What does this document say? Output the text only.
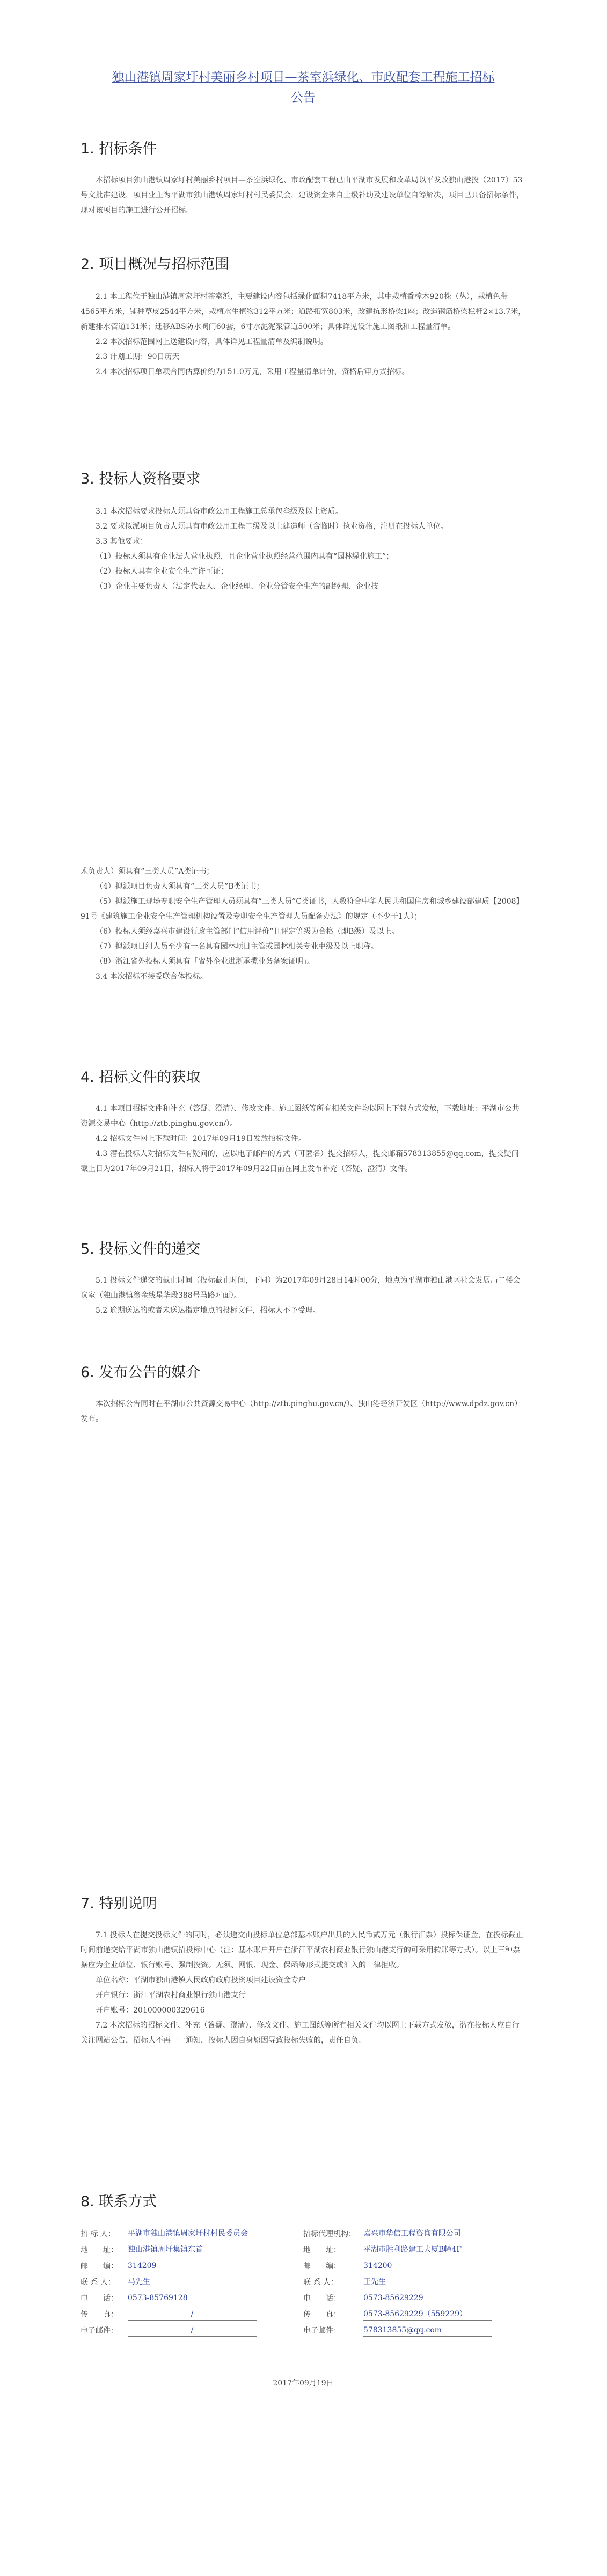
独山港镇周家圩村美丽乡村项目—茶室浜绿化、市政配套工程施工招标
公告
1. 招标条件

本招标项目独山港镇周家圩村美丽乡村项目—茶室浜绿化、市政配套工程已由平湖市发展和改革局以平发改独山港投（2017）53号文批准建设，项目业主为平湖市独山港镇周家圩村村民委员会，建设资金来自上级补助及建设单位自筹解决，项目已具备招标条件，现对该项目的施工进行公开招标。

2. 项目概况与招标范围

2.1 本工程位于独山港镇周家圩村茶室浜，主要建设内容包括绿化面积7418平方米，其中栽植香樟木920株（丛），栽植色带4565平方米，铺种草皮2544平方米，栽植水生植物312平方米；道路拓宽803米，改建抗形桥梁1座；改造钢筋桥梁栏杆2×13.7米，新建排水管道131米；迁移ABS防水阀门60套，6寸水泥泥浆管道500米；具体详见设计施工图纸和工程量清单。

2.2 本次招标范围网上送建设内容，具体详见工程量清单及编制说明。

2.3 计划工期：90日历天

2.4 本次招标项目单项合同估算价约为151.0万元，采用工程量清单计价，资格后审方式招标。

3. 投标人资格要求

3.1 本次招标要求投标人须具备市政公用工程施工总承包叁级及以上资质。

3.2 要求拟派项目负责人须具有市政公用工程二级及以上建造师（含临时）执业资格，注册在投标人单位。

3.3 其他要求：

（1）投标人须具有企业法人营业执照，且企业营业执照经营范围内具有“园林绿化施工”；

（2）投标人具有企业安全生产许可证；

（3）企业主要负责人（法定代表人、企业经理、企业分管安全生产的副经理、企业技

术负责人）须具有“三类人员”A类证书；

（4）拟派项目负责人须具有“三类人员”B类证书；

（5）拟派施工现场专职安全生产管理人员须具有“三类人员”C类证书，人数符合中华人民共和国住房和城乡建设部建质【2008】91号《建筑施工企业安全生产管理机构设置及专职安全生产管理人员配备办法》的规定（不少于1人）；

（6）投标人须经嘉兴市建设行政主管部门“信用评价”且评定等级为合格（即B级）及以上。

（7）拟派项目组人员至少有一名具有园林项目主管或园林相关专业中级及以上职称。

（8）浙江省外投标人须具有「省外企业进浙承揽业务备案证明」。

3.4 本次招标不接受联合体投标。

4. 招标文件的获取

4.1 本项目招标文件和补充（答疑、澄清）、修改文件、施工图纸等所有相关文件均以网上下载方式发放，下载地址：平湖市公共资源交易中心（http://ztb.pinghu.gov.cn/）。

4.2 招标文件网上下载时间：2017年09月19日发放招标文件。

4.3 潜在投标人对招标文件有疑问的，应以电子邮件的方式（可匿名）提交招标人，提交邮箱578313855@qq.com，提交疑问截止日为2017年09月21日，招标人将于2017年09月22日前在网上发布补充（答疑、澄清）文件。

5. 投标文件的递交

5.1 投标文件递交的截止时间（投标截止时间，下同）为2017年09月28日14时00分，地点为平湖市独山港区社会发展局二楼会议室（独山港镇翁金线星华段388号马路对面）。

5.2 逾期送达的或者未送达指定地点的投标文件，招标人不予受理。

6. 发布公告的媒介

本次招标公告同时在平湖市公共资源交易中心（http://ztb.pinghu.gov.cn/）、独山港经济开发区（http://www.dpdz.gov.cn）发布。

7. 特别说明

7.1 投标人在提交投标文件的同时，必须递交由投标单位总部基本账户出具的人民币贰万元（银行汇票）投标保证金，在投标截止时间前递交给平湖市独山港镇招投标中心（注：基本账户开户在浙江平湖农村商业银行独山港支行的可采用转账等方式）。以上三种票据应为企业单位、银行账号、强制投资。无须、网银、现金、保函等形式提交或汇入的一律拒收。

单位名称：平湖市独山港镇人民政府政府投资项目建设资金专户

开户银行：浙江平湖农村商业银行独山港支行

开户账号：201000000329616

7.2 本次招标的招标文件、补充（答疑、澄清）、修改文件、施工图纸等所有相关文件均以网上下载方式发放，潜在投标人应自行关注网站公告，招标人不再一一通知，投标人因自身原因导致投标失败的，责任自负。

8. 联系方式
招 标 人：	平湖市独山港镇周家圩村村民委员会	招标代理机构：	嘉兴市华信工程咨询有限公司
地　　址：	独山港镇周圩集镇东首	地　　址：	平湖市胜利路建工大厦B幢4F
邮　　编：	314209	邮　　编：	314200
联 系 人：	马先生	联 系 人：	王先生
电　　话：	0573-85769128	电　　话：	0573-85629229
传　　真：	/	传　　真：	0573-85629229（559229）
电子邮件：	/	电子邮件：	578313855@qq.com
2017年09月19日
